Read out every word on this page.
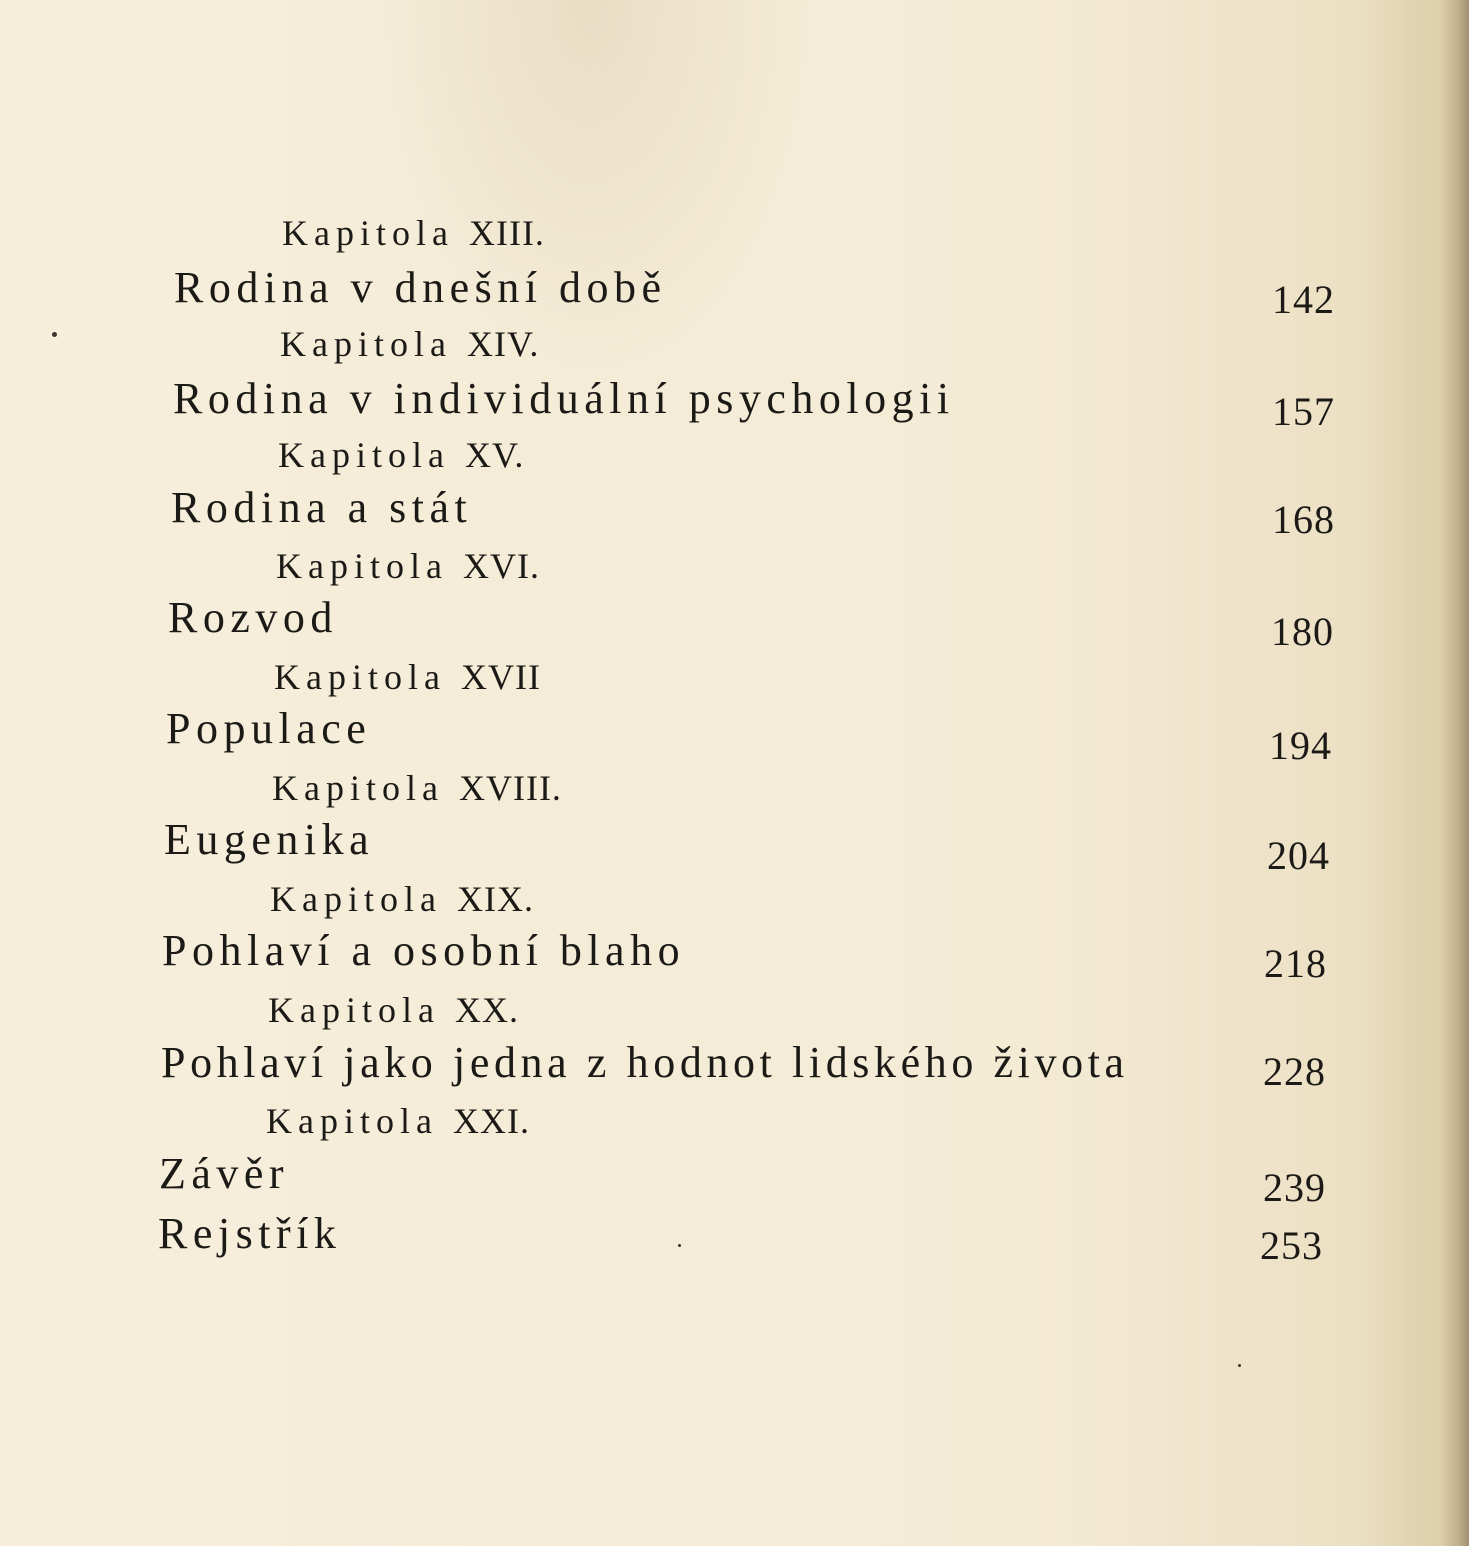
Kapitola XIII.
Rodina v dnešní době	142
Kapitola XIV.
Rodina v individuální psychologii	157
Kapitola XV.
Rodina a stát	168
Kapitola XVI.
Rozvod	180
Kapitola XVII
Populace	194
Kapitola XVIII.
Eugenika	204
Kapitola XIX.
Pohlaví a osobní blaho	218
Kapitola XX.
Pohlaví jako jedna z hodnot lidského života	228
Kapitola XXI.
Závěr	239
Rejstřík	253
